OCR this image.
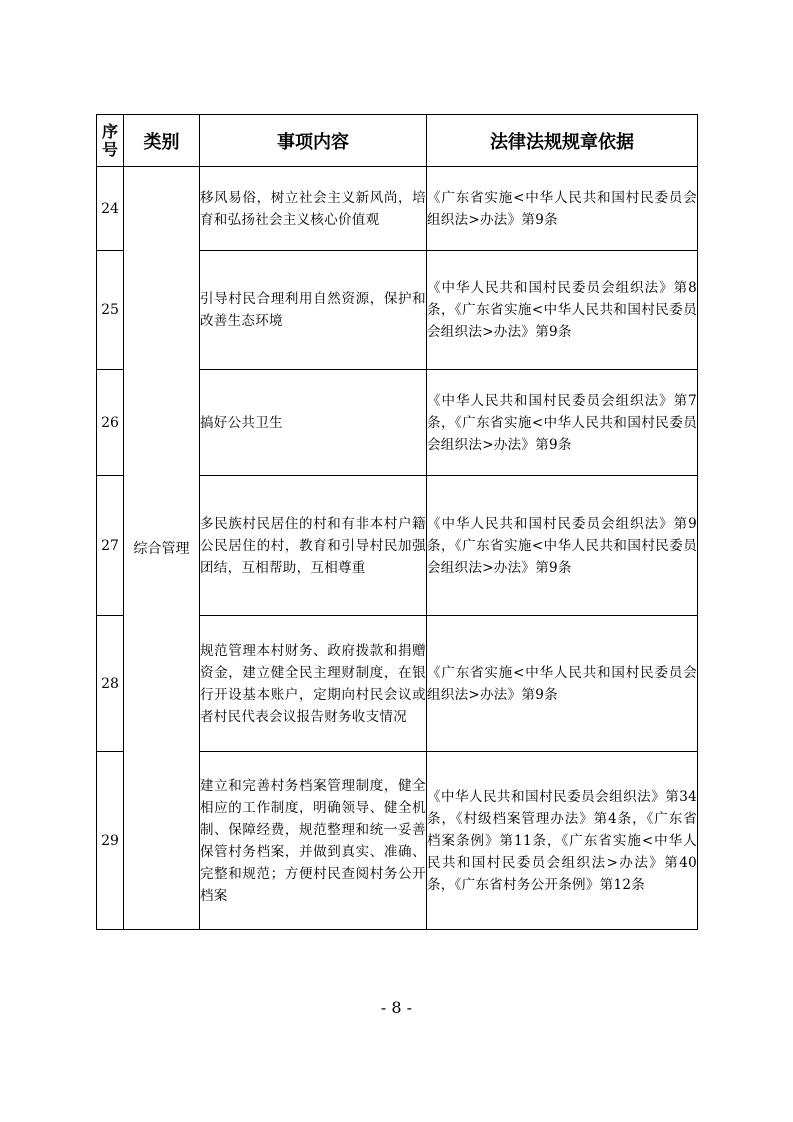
序号	类别	事项内容	法律法规规章依据
24	综合管理	移风易俗，树立社会主义新风尚，培育和弘扬社会主义核心价值观	《广东省实施<中华人民共和国村民委员会组织法>办法》第9条
25		引导村民合理利用自然资源，保护和改善生态环境	《中华人民共和国村民委员会组织法》第8条，《广东省实施<中华人民共和国村民委员会组织法>办法》第9条
26		搞好公共卫生	《中华人民共和国村民委员会组织法》第7条，《广东省实施<中华人民共和国村民委员会组织法>办法》第9条
27		多民族村民居住的村和有非本村户籍公民居住的村，教育和引导村民加强团结，互相帮助，互相尊重	《中华人民共和国村民委员会组织法》第9条，《广东省实施<中华人民共和国村民委员会组织法>办法》第9条
28		规范管理本村财务、政府拨款和捐赠资金，建立健全民主理财制度，在银行开设基本账户，定期向村民会议或者村民代表会议报告财务收支情况	《广东省实施<中华人民共和国村民委员会组织法>办法》第9条
29		建立和完善村务档案管理制度，健全相应的工作制度，明确领导、健全机制、保障经费，规范整理和统一妥善保管村务档案，并做到真实、准确、完整和规范；方便村民查阅村务公开档案	《中华人民共和国村民委员会组织法》第34条，《村级档案管理办法》第4条，《广东省档案条例》第11条，《广东省实施<中华人民共和国村民委员会组织法>办法》第40条，《广东省村务公开条例》第12条
- 8 -
